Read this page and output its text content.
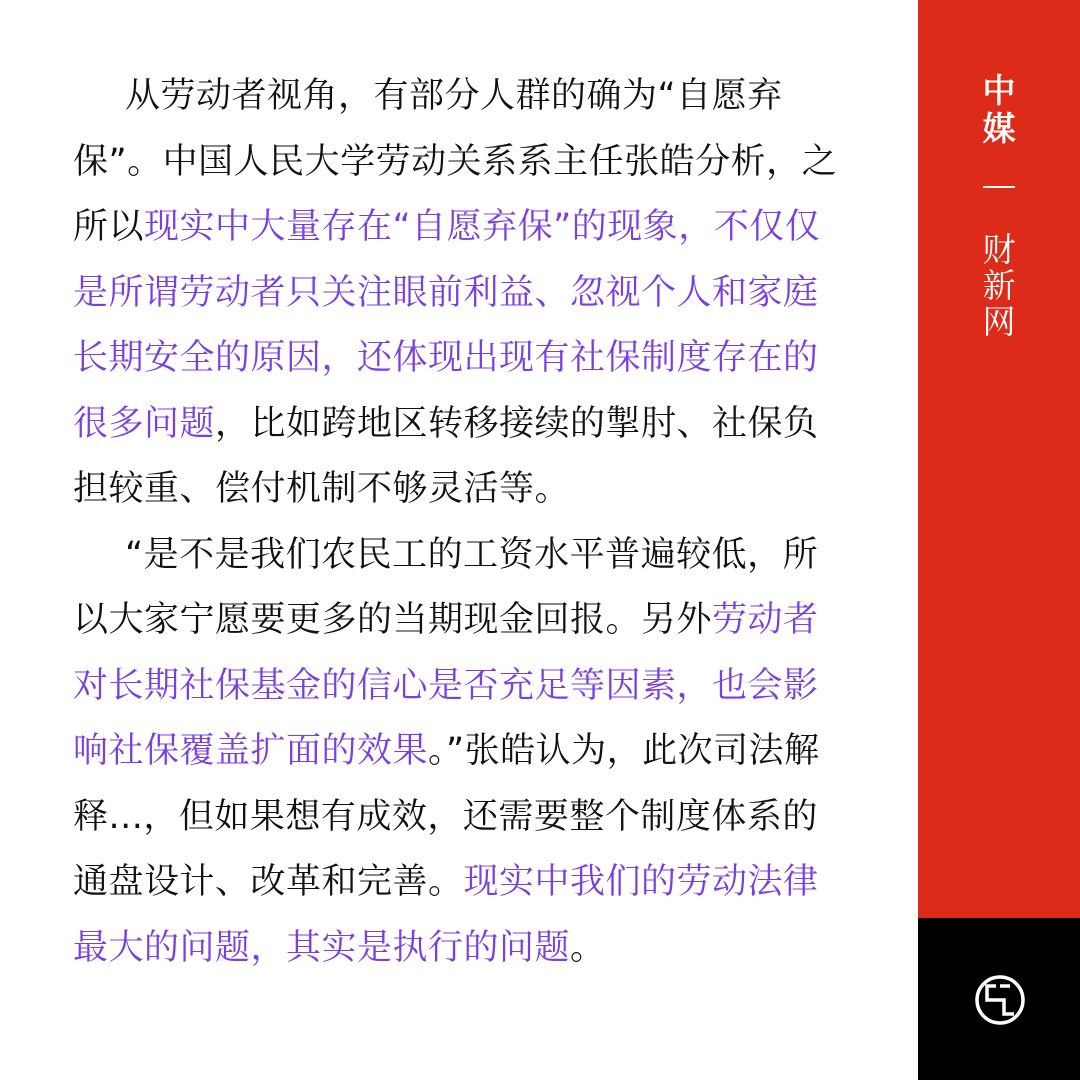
从劳动者视角，有部分人群的确为“自愿弃保”。中国人民大学劳动关系系主任张皓分析，之所以现实中大量存在“自愿弃保”的现象，不仅仅是所谓劳动者只关注眼前利益、忽视个人和家庭长期安全的原因，还体现出现有社保制度存在的很多问题，比如跨地区转移接续的掣肘、社保负担较重、偿付机制不够灵活等。

“是不是我们农民工的工资水平普遍较低，所以大家宁愿要更多的当期现金回报。另外劳动者对长期社保基金的信心是否充足等因素，也会影响社保覆盖扩面的效果。”张皓认为，此次司法解释...，但如果想有成效，还需要整个制度体系的通盘设计、改革和完善。现实中我们的劳动法律最大的问题，其实是执行的问题。

中
媒
财
新
网
